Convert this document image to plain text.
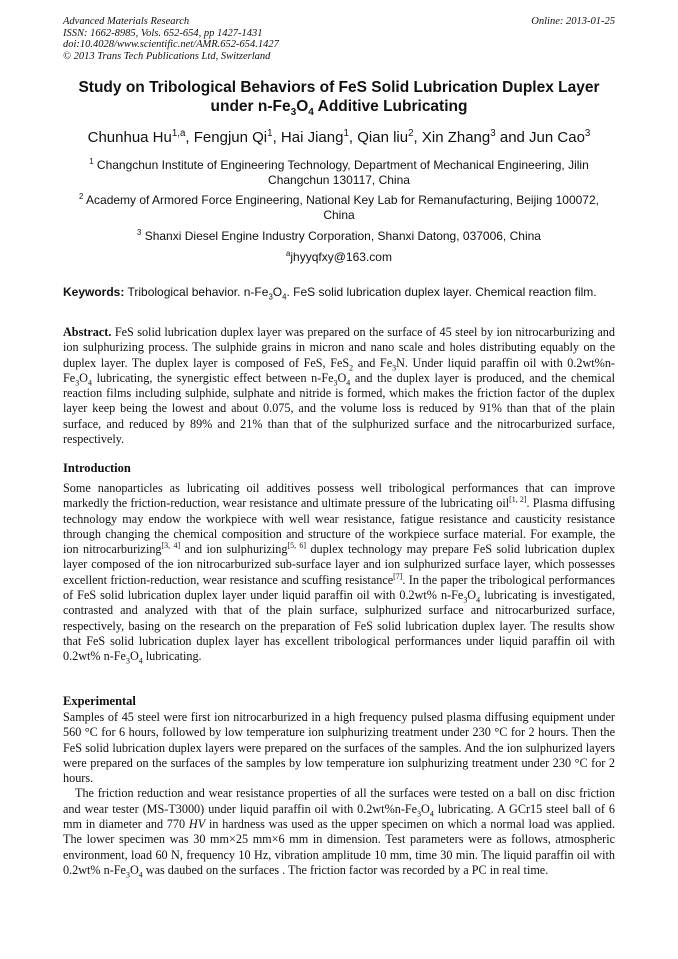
Advanced Materials Research
ISSN: 1662-8985, Vols. 652-654, pp 1427-1431
doi:10.4028/www.scientific.net/AMR.652-654.1427
© 2013 Trans Tech Publications Ltd, Switzerland
Online: 2013-01-25
Study on Tribological Behaviors of FeS Solid Lubrication Duplex Layer
under $n-Fe_3O_4$ Additive Lubricating
Chunhua Hu$^{1,a}$, Fengjun Qi$^1$, Hai Jiang$^1$, Qian liu$^2$, Xin Zhang$^3$ and Jun Cao$^3$
$^1$ Changchun Institute of Engineering Technology, Department of Mechanical Engineering, Jilin Changchun 130117, China
$^2$ Academy of Armored Force Engineering, National Key Lab for Remanufacturing, Beijing 100072, China
$^3$ Shanxi Diesel Engine Industry Corporation, Shanxi Datong, 037006, China
$^a$jhyyqfxy@163.com
Keywords: Tribological behavior. $n-Fe_3O_4$. FeS solid lubrication duplex layer. Chemical reaction film.
Abstract. FeS solid lubrication duplex layer was prepared on the surface of 45 steel by ion nitrocarburizing and ion sulphurizing process. The sulphide grains in micron and nano scale and holes distributing equably on the duplex layer. The duplex layer is composed of FeS, FeS$_2$ and $Fe_3N$. Under liquid paraffin oil with $0.2wt\%n-Fe_3O_4$ lubricating, the synergistic effect between $n-Fe_3O_4$ and the duplex layer is produced, and the chemical reaction films including sulphide, sulphate and nitride is formed, which makes the friction factor of the duplex layer keep being the lowest and about 0.075, and the volume loss is reduced by 91% than that of the plain surface, and reduced by 89% and 21% than that of the sulphurized surface and the nitrocarburized surface, respectively.
Introduction
Some nanoparticles as lubricating oil additives possess well tribological performances that can improve markedly the friction-reduction, wear resistance and ultimate pressure of the lubricating oil[1, 2]. Plasma diffusing technology may endow the workpiece with well wear resistance, fatigue resistance and causticity resistance through changing the chemical composition and structure of the workpiece surface material. For example, the ion nitrocarburizing[3, 4] and ion sulphurizing[5, 6] duplex technology may prepare FeS solid lubrication duplex layer composed of the ion nitrocarburized sub-surface layer and ion sulphurized surface layer, which possesses excellent friction-reduction, wear resistance and scuffing resistance[7]. In the paper the tribological performances of FeS solid lubrication duplex layer under liquid paraffin oil with 0.2wt% $n-Fe_3O_4$ lubricating is investigated, contrasted and analyzed with that of the plain surface, sulphurized surface and nitrocarburized surface, respectively, basing on the research on the preparation of FeS solid lubrication duplex layer. The results show that FeS solid lubrication duplex layer has excellent tribological performances under liquid paraffin oil with 0.2wt% $n-Fe_3O_4$ lubricating.
Experimental

Samples of 45 steel were first ion nitrocarburized in a high frequency pulsed plasma diffusing equipment under 560 °C for 6 hours, followed by low temperature ion sulphurizing treatment under 230 °C for 2 hours. Then the FeS solid lubrication duplex layers were prepared on the surfaces of the samples. And the ion sulphurized layers were prepared on the surfaces of the samples by low temperature ion sulphurizing treatment under 230 °C for 2 hours.

The friction reduction and wear resistance properties of all the surfaces were tested on a ball on disc friction and wear tester (MS-T3000) under liquid paraffin oil with $0.2wt\%n-Fe_3O_4$ lubricating. A GCr15 steel ball of 6 mm in diameter and 770 HV in hardness was used as the upper specimen on which a normal load was applied. The lower specimen was 30 mm×25 mm×6 mm in dimension. Test parameters were as follows, atmospheric environment, load 60 N, frequency 10 Hz, vibration amplitude 10 mm, time 30 min. The liquid paraffin oil with 0.2wt% $n-Fe_3O_4$ was daubed on the surfaces . The friction factor was recorded by a PC in real time.
